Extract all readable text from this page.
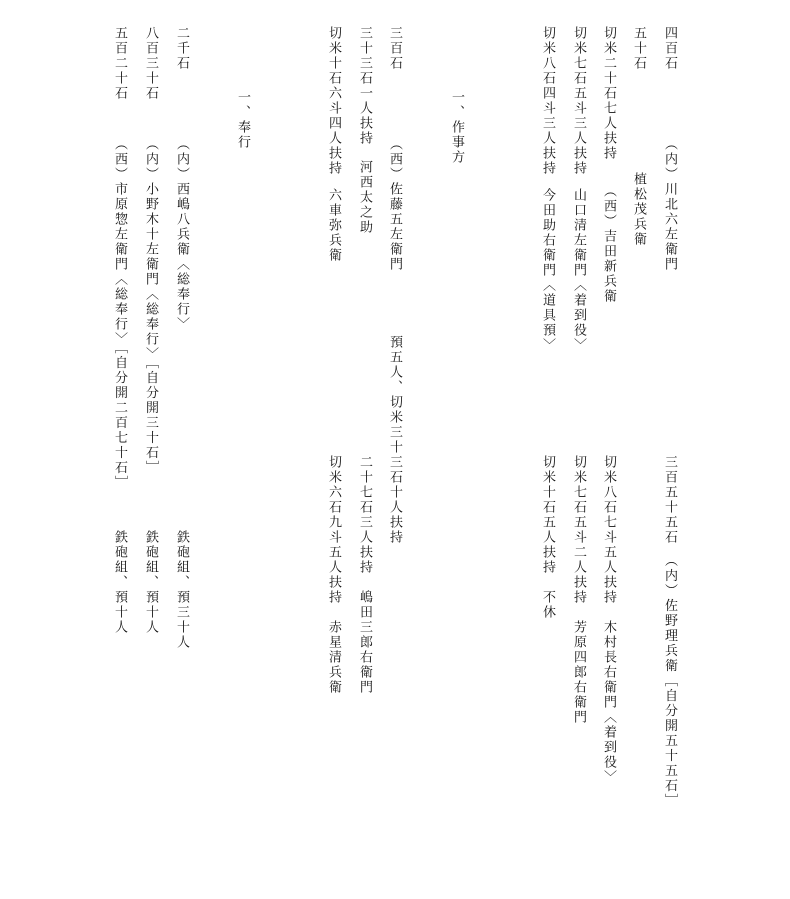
四百石

（内）川北六左衛門

三百五十五石　（内）佐野理兵衛［自分開五十五石］

五十石

植松茂兵衛

切米二十石七人扶持

（西）吉田新兵衛

切米八石七斗五人扶持　木村長右衛門〈着到役〉

切米七石五斗三人扶持

山口清左衛門〈着到役〉

切米七石五斗二人扶持　芳原四郎右衛門

切米八石四斗三人扶持

今田助右衛門〈道具預〉

切米十石五人扶持　不休

一、作事方

三百石

（西）佐藤五左衛門

預五人、切米三十三石十人扶持

三十三石一人扶持

河西太之助

二十七石三人扶持　嶋田三郎右衛門

切米十石六斗四人扶持

六車弥兵衛

切米六石九斗五人扶持　赤星清兵衛

一、奉行

二千石

（内）西嶋八兵衛〈総奉行〉

鉄砲組、預三十人

八百三十石

（内）小野木十左衛門〈総奉行〉［自分開三十石］

鉄砲組、預十人

五百二十石

（西）市原惣左衛門〈総奉行〉［自分開二百七十石］

鉄砲組、預十人
